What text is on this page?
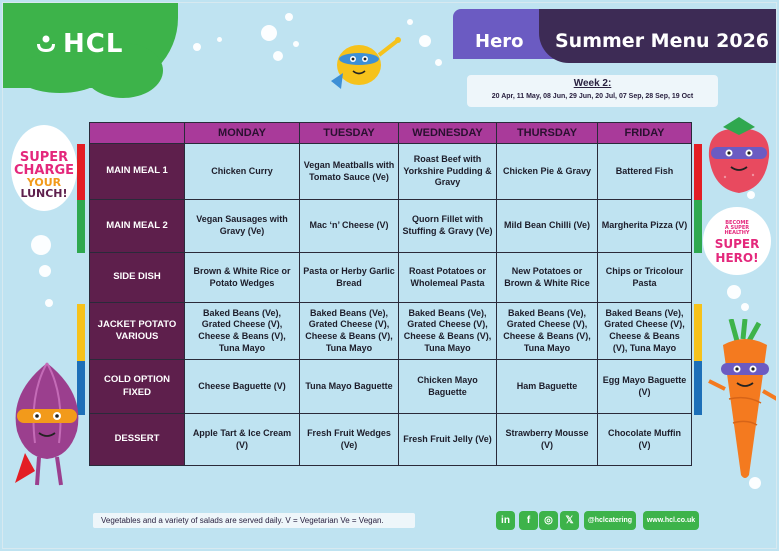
HCL	Hero Summer Menu 2026
Week 2:
20 Apr, 11 May, 08 Jun, 29 Jun, 20 Jul, 07 Sep, 28 Sep, 19 Oct
SUPER
CHARGE
YOUR
LUNCH!
BECOME
A SUPER
HEALTHY
SUPER
HERO!
	MONDAY	TUESDAY	WEDNESDAY	THURSDAY	FRIDAY
MAIN MEAL 1	Chicken Curry	Vegan Meatballs with Tomato Sauce (Ve)	Roast Beef with Yorkshire Pudding & Gravy	Chicken Pie & Gravy	Battered Fish
MAIN MEAL 2	Vegan Sausages with Gravy (Ve)	Mac ‘n’ Cheese (V)	Quorn Fillet with Stuffing & Gravy (Ve)	Mild Bean Chilli (Ve)	Margherita Pizza (V)
SIDE DISH	Brown & White Rice or Potato Wedges	Pasta or Herby Garlic Bread	Roast Potatoes or Wholemeal Pasta	New Potatoes or Brown & White Rice	Chips or Tricolour Pasta
JACKET POTATO VARIOUS	Baked Beans (Ve), Grated Cheese (V), Cheese & Beans (V), Tuna Mayo	Baked Beans (Ve), Grated Cheese (V), Cheese & Beans (V), Tuna Mayo	Baked Beans (Ve), Grated Cheese (V), Cheese & Beans (V), Tuna Mayo	Baked Beans (Ve), Grated Cheese (V), Cheese & Beans (V), Tuna Mayo	Baked Beans (Ve), Grated Cheese (V), Cheese & Beans (V), Tuna Mayo
COLD OPTION FIXED	Cheese Baguette (V)	Tuna Mayo Baguette	Chicken Mayo Baguette	Ham Baguette	Egg Mayo Baguette (V)
DESSERT	Apple Tart & Ice Cream (V)	Fresh Fruit Wedges (Ve)	Fresh Fruit Jelly (Ve)	Strawberry Mousse (V)	Chocolate Muffin (V)
Vegetables and a variety of salads are served daily. V = Vegetarian Ve = Vegan.	in	f	◎	𝕏	@hclcatering	www.hcl.co.uk
